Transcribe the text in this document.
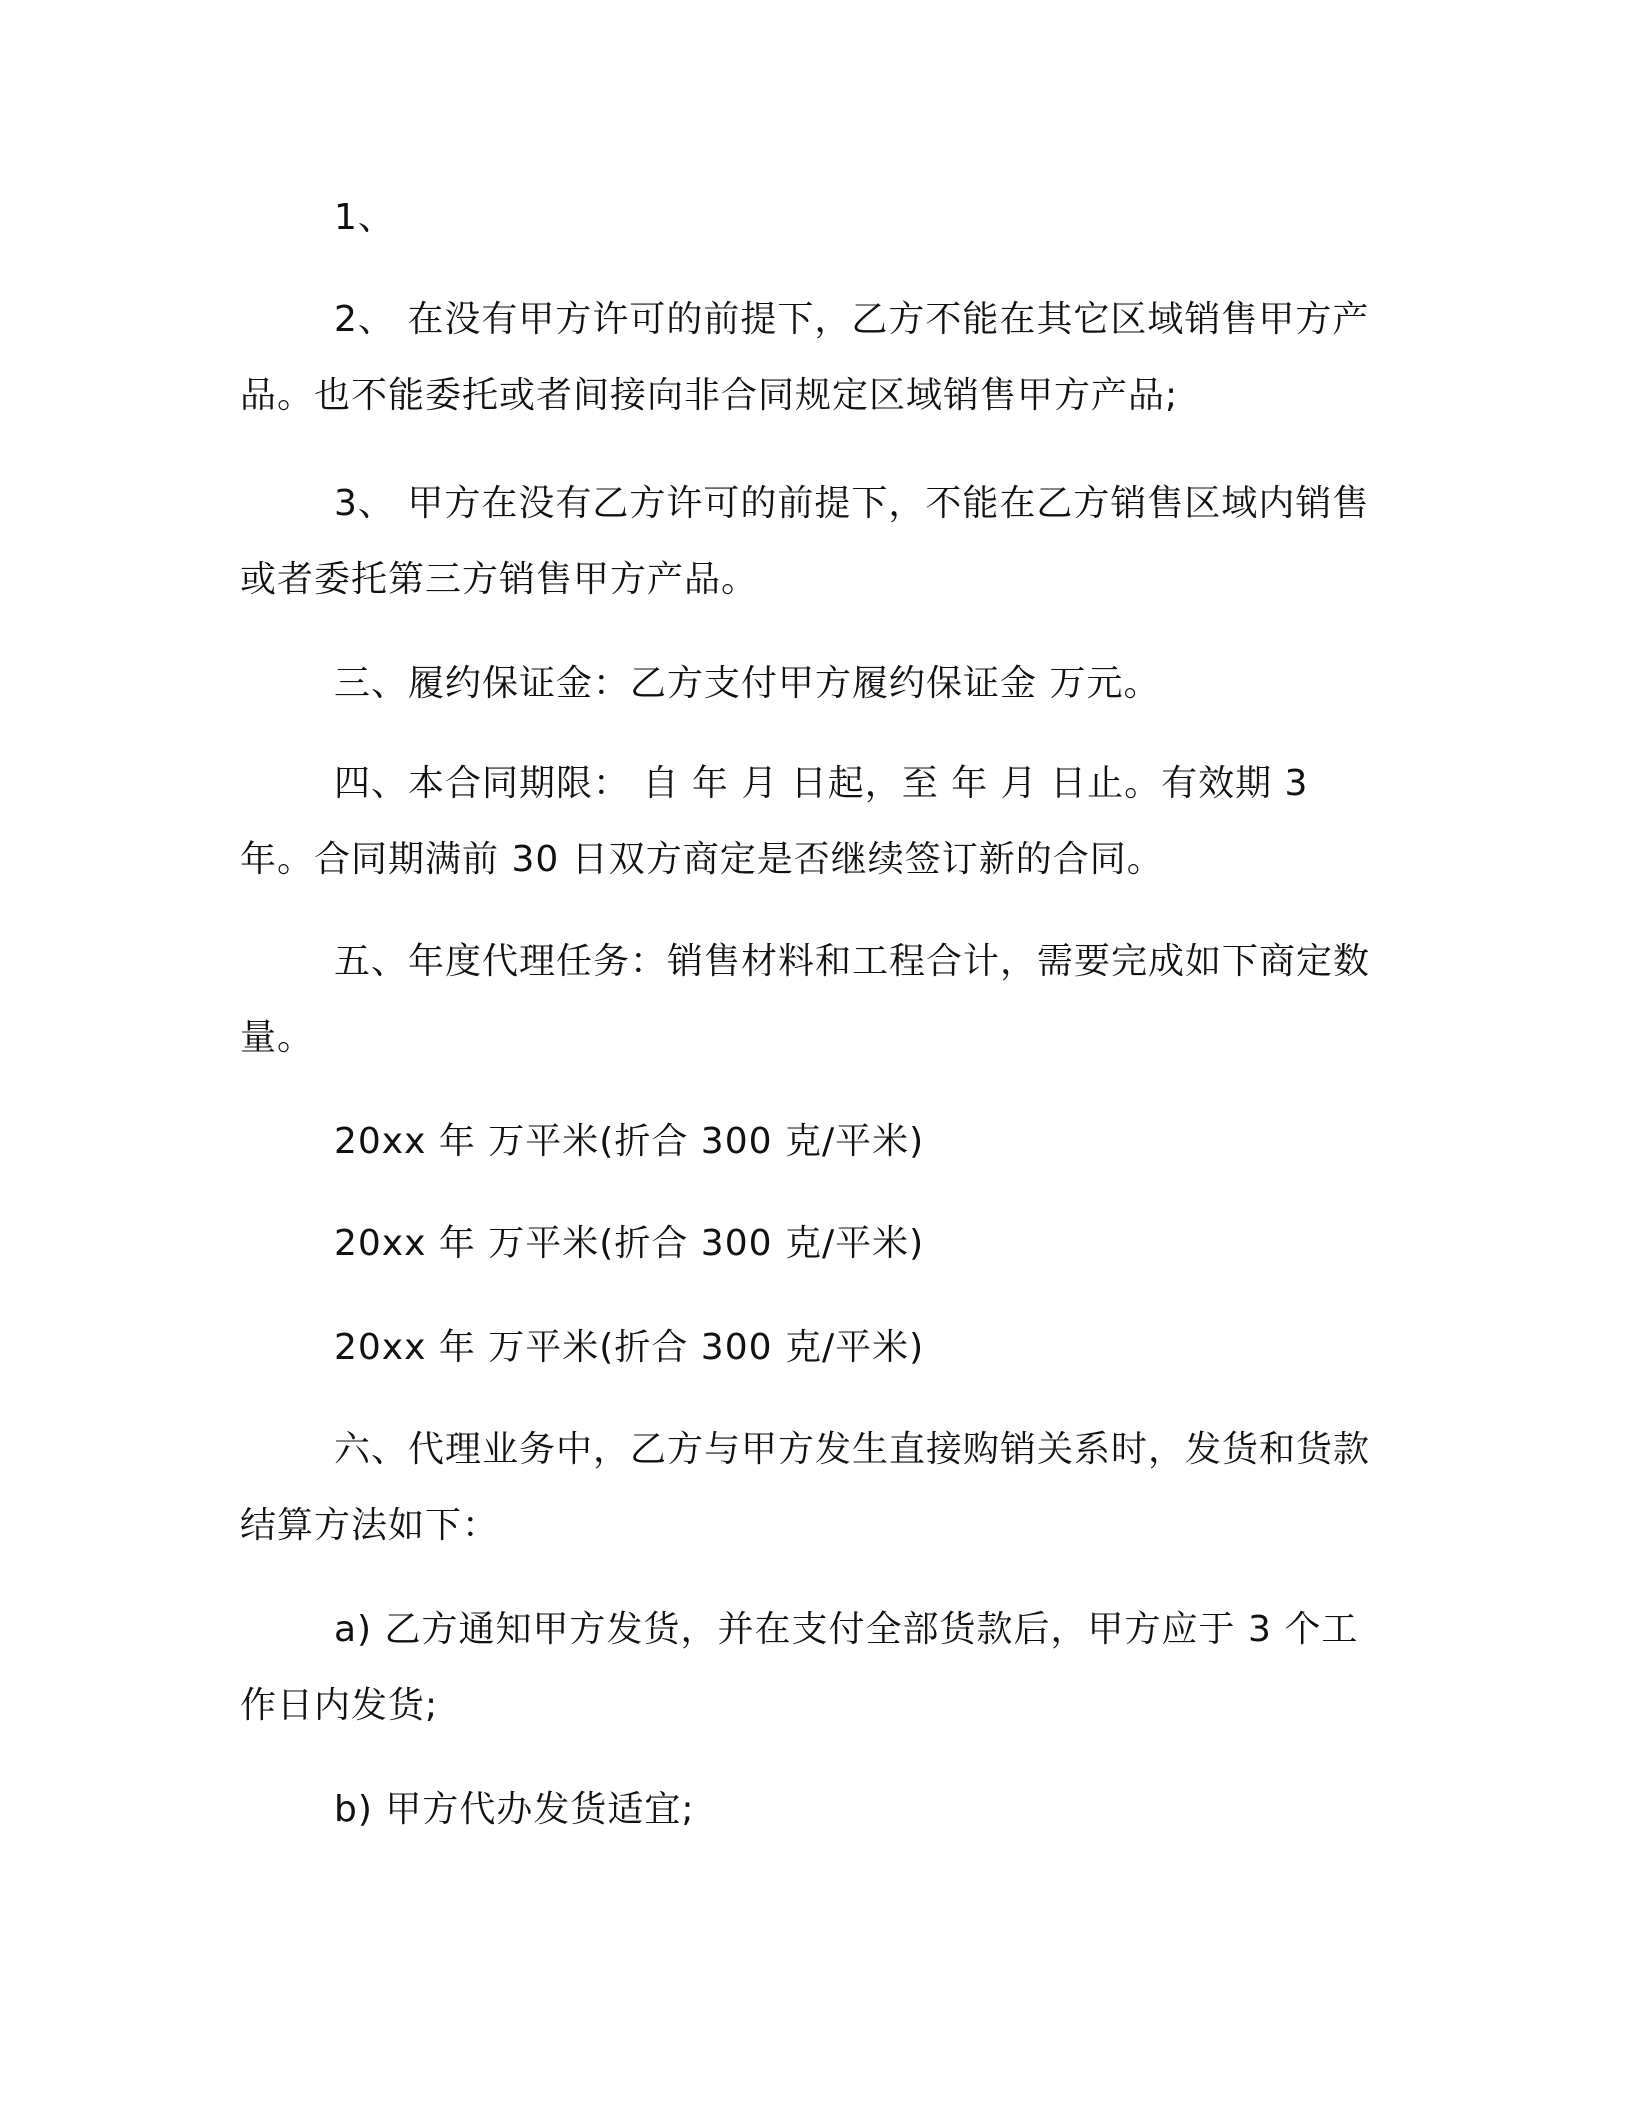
1、

2、 在没有甲方许可的前提下，乙方不能在其它区域销售甲方产品。也不能委托或者间接向非合同规定区域销售甲方产品;

3、 甲方在没有乙方许可的前提下，不能在乙方销售区域内销售或者委托第三方销售甲方产品。

三、履约保证金：乙方支付甲方履约保证金 万元。

四、本合同期限： 自 年 月 日起，至 年 月 日止。有效期 3 年。合同期满前 30 日双方商定是否继续签订新的合同。

五、年度代理任务：销售材料和工程合计，需要完成如下商定数量。

20xx 年 万平米(折合 300 克/平米)

20xx 年 万平米(折合 300 克/平米)

20xx 年 万平米(折合 300 克/平米)

六、代理业务中，乙方与甲方发生直接购销关系时，发货和货款结算方法如下：

a) 乙方通知甲方发货，并在支付全部货款后，甲方应于 3 个工作日内发货;

b) 甲方代办发货适宜;
